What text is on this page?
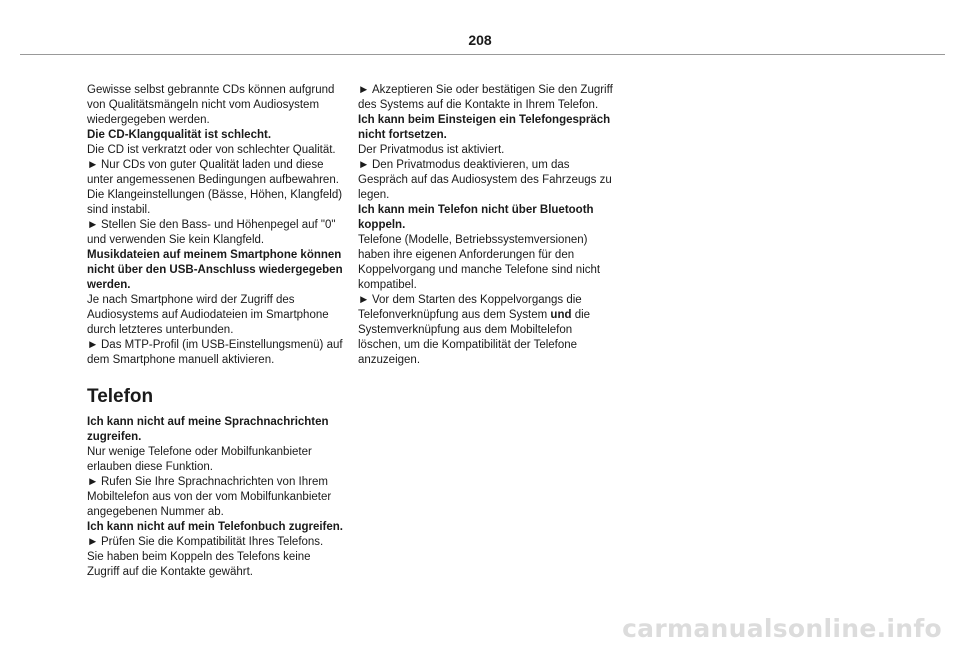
208

Gewisse selbst gebrannte CDs können aufgrund von Qualitätsmängeln nicht vom Audiosystem wiedergegeben werden.

Die CD-Klangqualität ist schlecht.

Die CD ist verkratzt oder von schlechter Qualität.

► Nur CDs von guter Qualität laden und diese unter angemessenen Bedingungen aufbewahren.

Die Klangeinstellungen (Bässe, Höhen, Klangfeld) sind instabil.

► Stellen Sie den Bass- und Höhenpegel auf "0" und verwenden Sie kein Klangfeld.

Musikdateien auf meinem Smartphone können nicht über den USB-Anschluss wiedergegeben werden.

Je nach Smartphone wird der Zugriff des Audiosystems auf Audiodateien im Smartphone durch letzteres unterbunden.

► Das MTP-Profil (im USB-Einstellungsmenü) auf dem Smartphone manuell aktivieren.

Telefon

Ich kann nicht auf meine Sprachnachrichten zugreifen.

Nur wenige Telefone oder Mobilfunkanbieter erlauben diese Funktion.

► Rufen Sie Ihre Sprachnachrichten von Ihrem Mobiltelefon aus von der vom Mobilfunkanbieter angegebenen Nummer ab.

Ich kann nicht auf mein Telefonbuch zugreifen.

► Prüfen Sie die Kompatibilität Ihres Telefons.

Sie haben beim Koppeln des Telefons keine Zugriff auf die Kontakte gewährt.

► Akzeptieren Sie oder bestätigen Sie den Zugriff des Systems auf die Kontakte in Ihrem Telefon.

Ich kann beim Einsteigen ein Telefongespräch nicht fortsetzen.

Der Privatmodus ist aktiviert.

► Den Privatmodus deaktivieren, um das Gespräch auf das Audiosystem des Fahrzeugs zu legen.

Ich kann mein Telefon nicht über Bluetooth koppeln.

Telefone (Modelle, Betriebssystemversionen) haben ihre eigenen Anforderungen für den Koppelvorgang und manche Telefone sind nicht kompatibel.

► Vor dem Starten des Koppelvorgangs die Telefonverknüpfung aus dem System und die Systemverknüpfung aus dem Mobiltelefon löschen, um die Kompatibilität der Telefone anzuzeigen.

carmanualsonline.info
